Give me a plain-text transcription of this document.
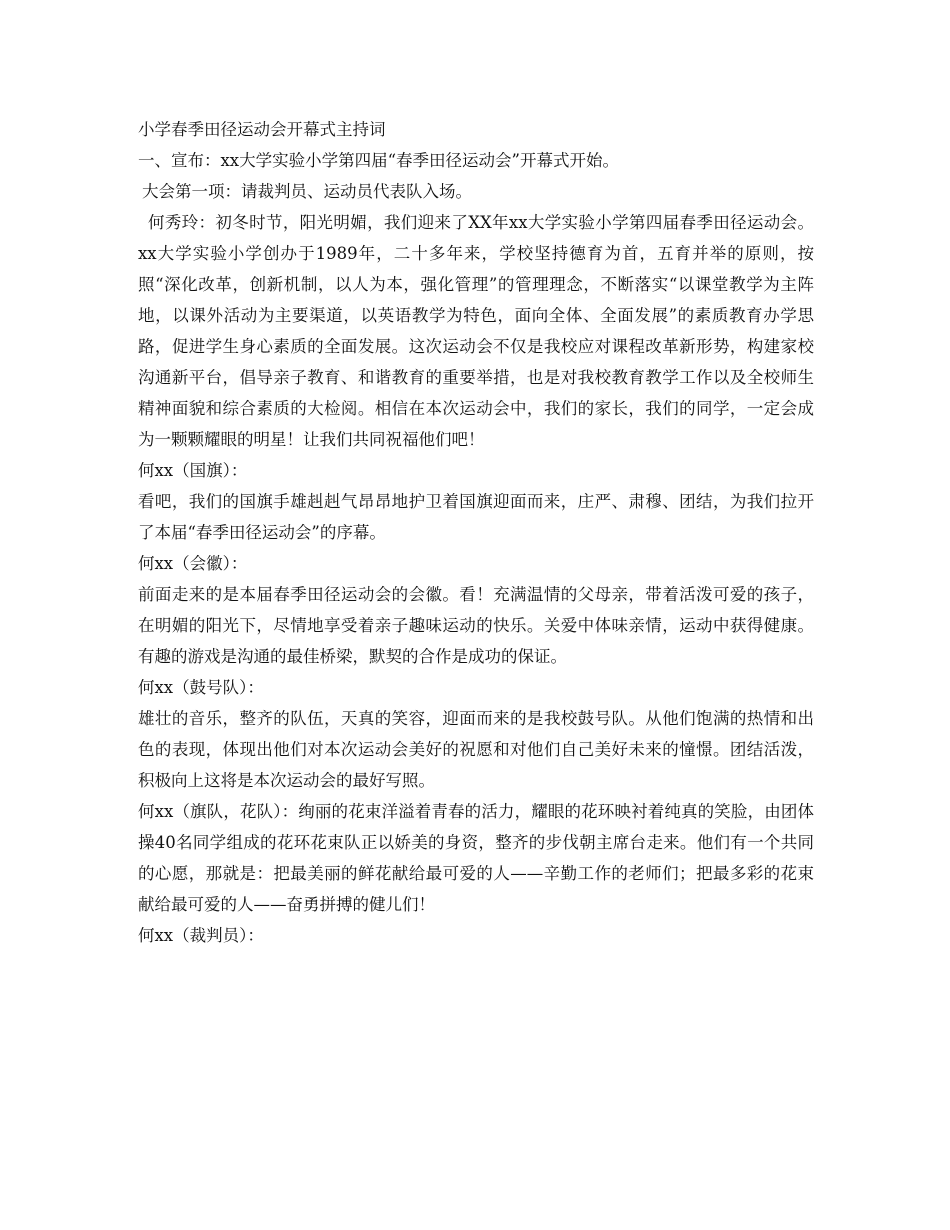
小学春季田径运动会开幕式主持词

一、宣布：xx大学实验小学第四届“春季田径运动会”开幕式开始。

大会第一项：请裁判员、运动员代表队入场。

何秀玲：初冬时节，阳光明媚，我们迎来了XX年xx大学实验小学第四届春季田径运动会。xx大学实验小学创办于1989年，二十多年来，学校坚持德育为首，五育并举的原则，按照“深化改革，创新机制，以人为本，强化管理”的管理理念，不断落实“以课堂教学为主阵地，以课外活动为主要渠道，以英语教学为特色，面向全体、全面发展”的素质教育办学思路，促进学生身心素质的全面发展。这次运动会不仅是我校应对课程改革新形势，构建家校沟通新平台，倡导亲子教育、和谐教育的重要举措，也是对我校教育教学工作以及全校师生精神面貌和综合素质的大检阅。相信在本次运动会中，我们的家长，我们的同学，一定会成为一颗颗耀眼的明星！让我们共同祝福他们吧！

何xx（国旗）：

看吧，我们的国旗手雄赳赳气昂昂地护卫着国旗迎面而来，庄严、肃穆、团结，为我们拉开了本届“春季田径运动会”的序幕。

何xx（会徽）：

前面走来的是本届春季田径运动会的会徽。看！充满温情的父母亲，带着活泼可爱的孩子，在明媚的阳光下，尽情地享受着亲子趣味运动的快乐。关爱中体味亲情，运动中获得健康。有趣的游戏是沟通的最佳桥梁，默契的合作是成功的保证。

何xx（鼓号队）：

雄壮的音乐，整齐的队伍，天真的笑容，迎面而来的是我校鼓号队。从他们饱满的热情和出色的表现，体现出他们对本次运动会美好的祝愿和对他们自己美好未来的憧憬。团结活泼，积极向上这将是本次运动会的最好写照。

何xx（旗队，花队）：绚丽的花束洋溢着青春的活力，耀眼的花环映衬着纯真的笑脸，由团体操40名同学组成的花环花束队正以娇美的身资，整齐的步伐朝主席台走来。他们有一个共同的心愿，那就是：把最美丽的鲜花献给最可爱的人——辛勤工作的老师们；把最多彩的花束献给最可爱的人——奋勇拼搏的健儿们！

何xx（裁判员）：
